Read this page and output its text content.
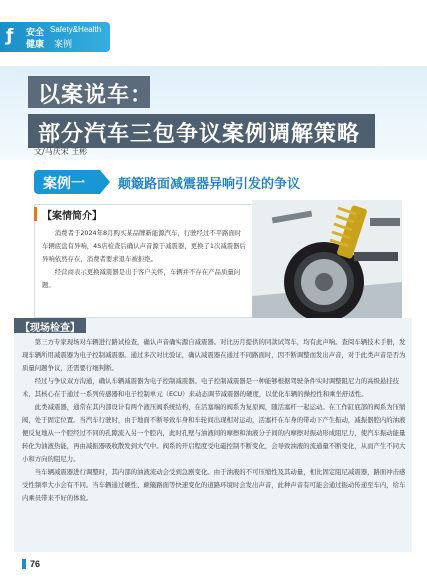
ƒ	安全 Safety&Health
健康 案例
以案说车：
部分汽车三包争议案例调解策略
文/马庆宋 王彬
案例一	颠簸路面减震器异响引发的争议
【案情简介】

消费者于2024年8月购买某品牌新能源汽车，行驶经过不平路面时车辆底盘有异响，4S店检查后确认声音源于减震器，更换了1次减震器后异响依然存在，消费者要求退车被拒绝。

经营商表示更换减震器是出于客户关怀，车辆并不存在产品质量问题。

【现场检查】

第三方专家现场对车辆进行路试检查，确认声音确实源自减震器。对比历月提供的同款试驾车，均有此声响。查阅车辆技术手册，发现车辆所用减震器为电子控制减震器。通过多次对比验证，确认减震器在通过不同路面时，因不断调整而发出声音，对于此类声音是否为质量问题争议，还需要行细判断。

经过与争议双方沟通，确认车辆减震器为电子控制减震器。电子控制减震器是一种能够根据驾驶条件实时调整阻尼力的高级悬挂技术，其核心在于通过一系列传感器和电子控制单元（ECU）来动态调节减震器的硬度，以优化车辆的操控性和乘坐舒适性。

此类减震器，通常在其内部设计有两个液压阀系统结构，在活塞端的阀系为复原阀，随活塞杆一起运动。在工作缸底部的阀系为压缩阀，处于固定位置。当汽车行驶时，由于地面不断导致车身和车轮间出现相对运动，活塞杆在车身的带动下产生振动，减振器腔内的油液便反复地从一个腔经过不同的孔隙流入另一个腔内，此时孔壁与油液间的摩擦和油液分子间的内摩擦对振动形成阻尼力，使汽车振动能量转化为油液热能，再由减振器吸收散发到大气中。阀系的开启程度受电磁控制不断变化，会导致油液的流通量不断变化，从而产生不同大小和方向的阻尼力。

当车辆减震器进行调整时，其内部的油液流动会受到急剧变化。由于油液的不可压缩性及其动量，相比固定阻尼减震器，路面冲击感受性频率大小会有不同。当车辆通过硬性、颠簸路面等快速变化的道路环境时会发出声音，此种声音有可能会通过振动传递至车内，给车内乘员带来不好的体验。

76
